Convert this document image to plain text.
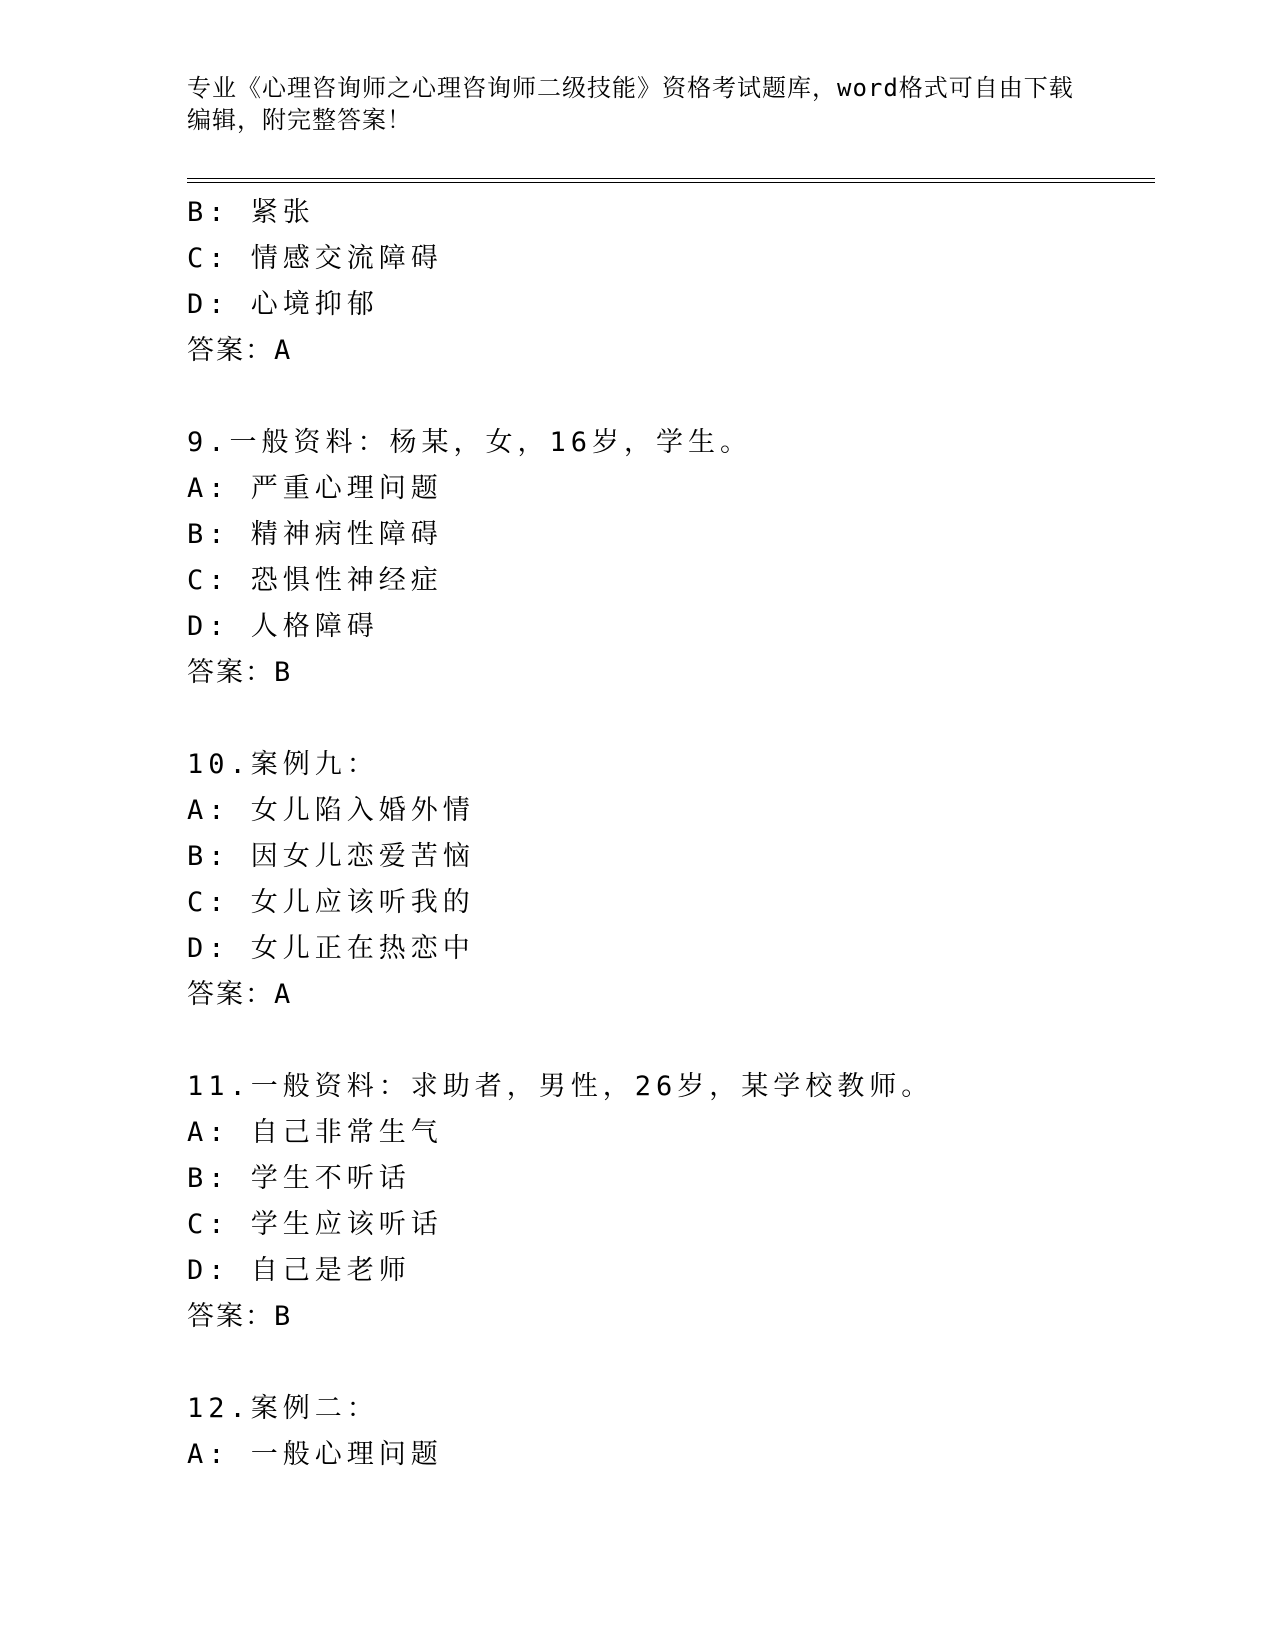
专业《心理咨询师之心理咨询师二级技能》资格考试题库，word格式可自由下载
编辑，附完整答案！
B: 紧张
C: 情感交流障碍
D: 心境抑郁
答案：A
9.一般资料：杨某，女，16岁，学生。
A: 严重心理问题
B: 精神病性障碍
C: 恐惧性神经症
D: 人格障碍
答案：B
10.案例九：
A: 女儿陷入婚外情
B: 因女儿恋爱苦恼
C: 女儿应该听我的
D: 女儿正在热恋中
答案：A
11.一般资料：求助者，男性，26岁，某学校教师。
A: 自己非常生气
B: 学生不听话
C: 学生应该听话
D: 自己是老师
答案：B
12.案例二：
A: 一般心理问题
